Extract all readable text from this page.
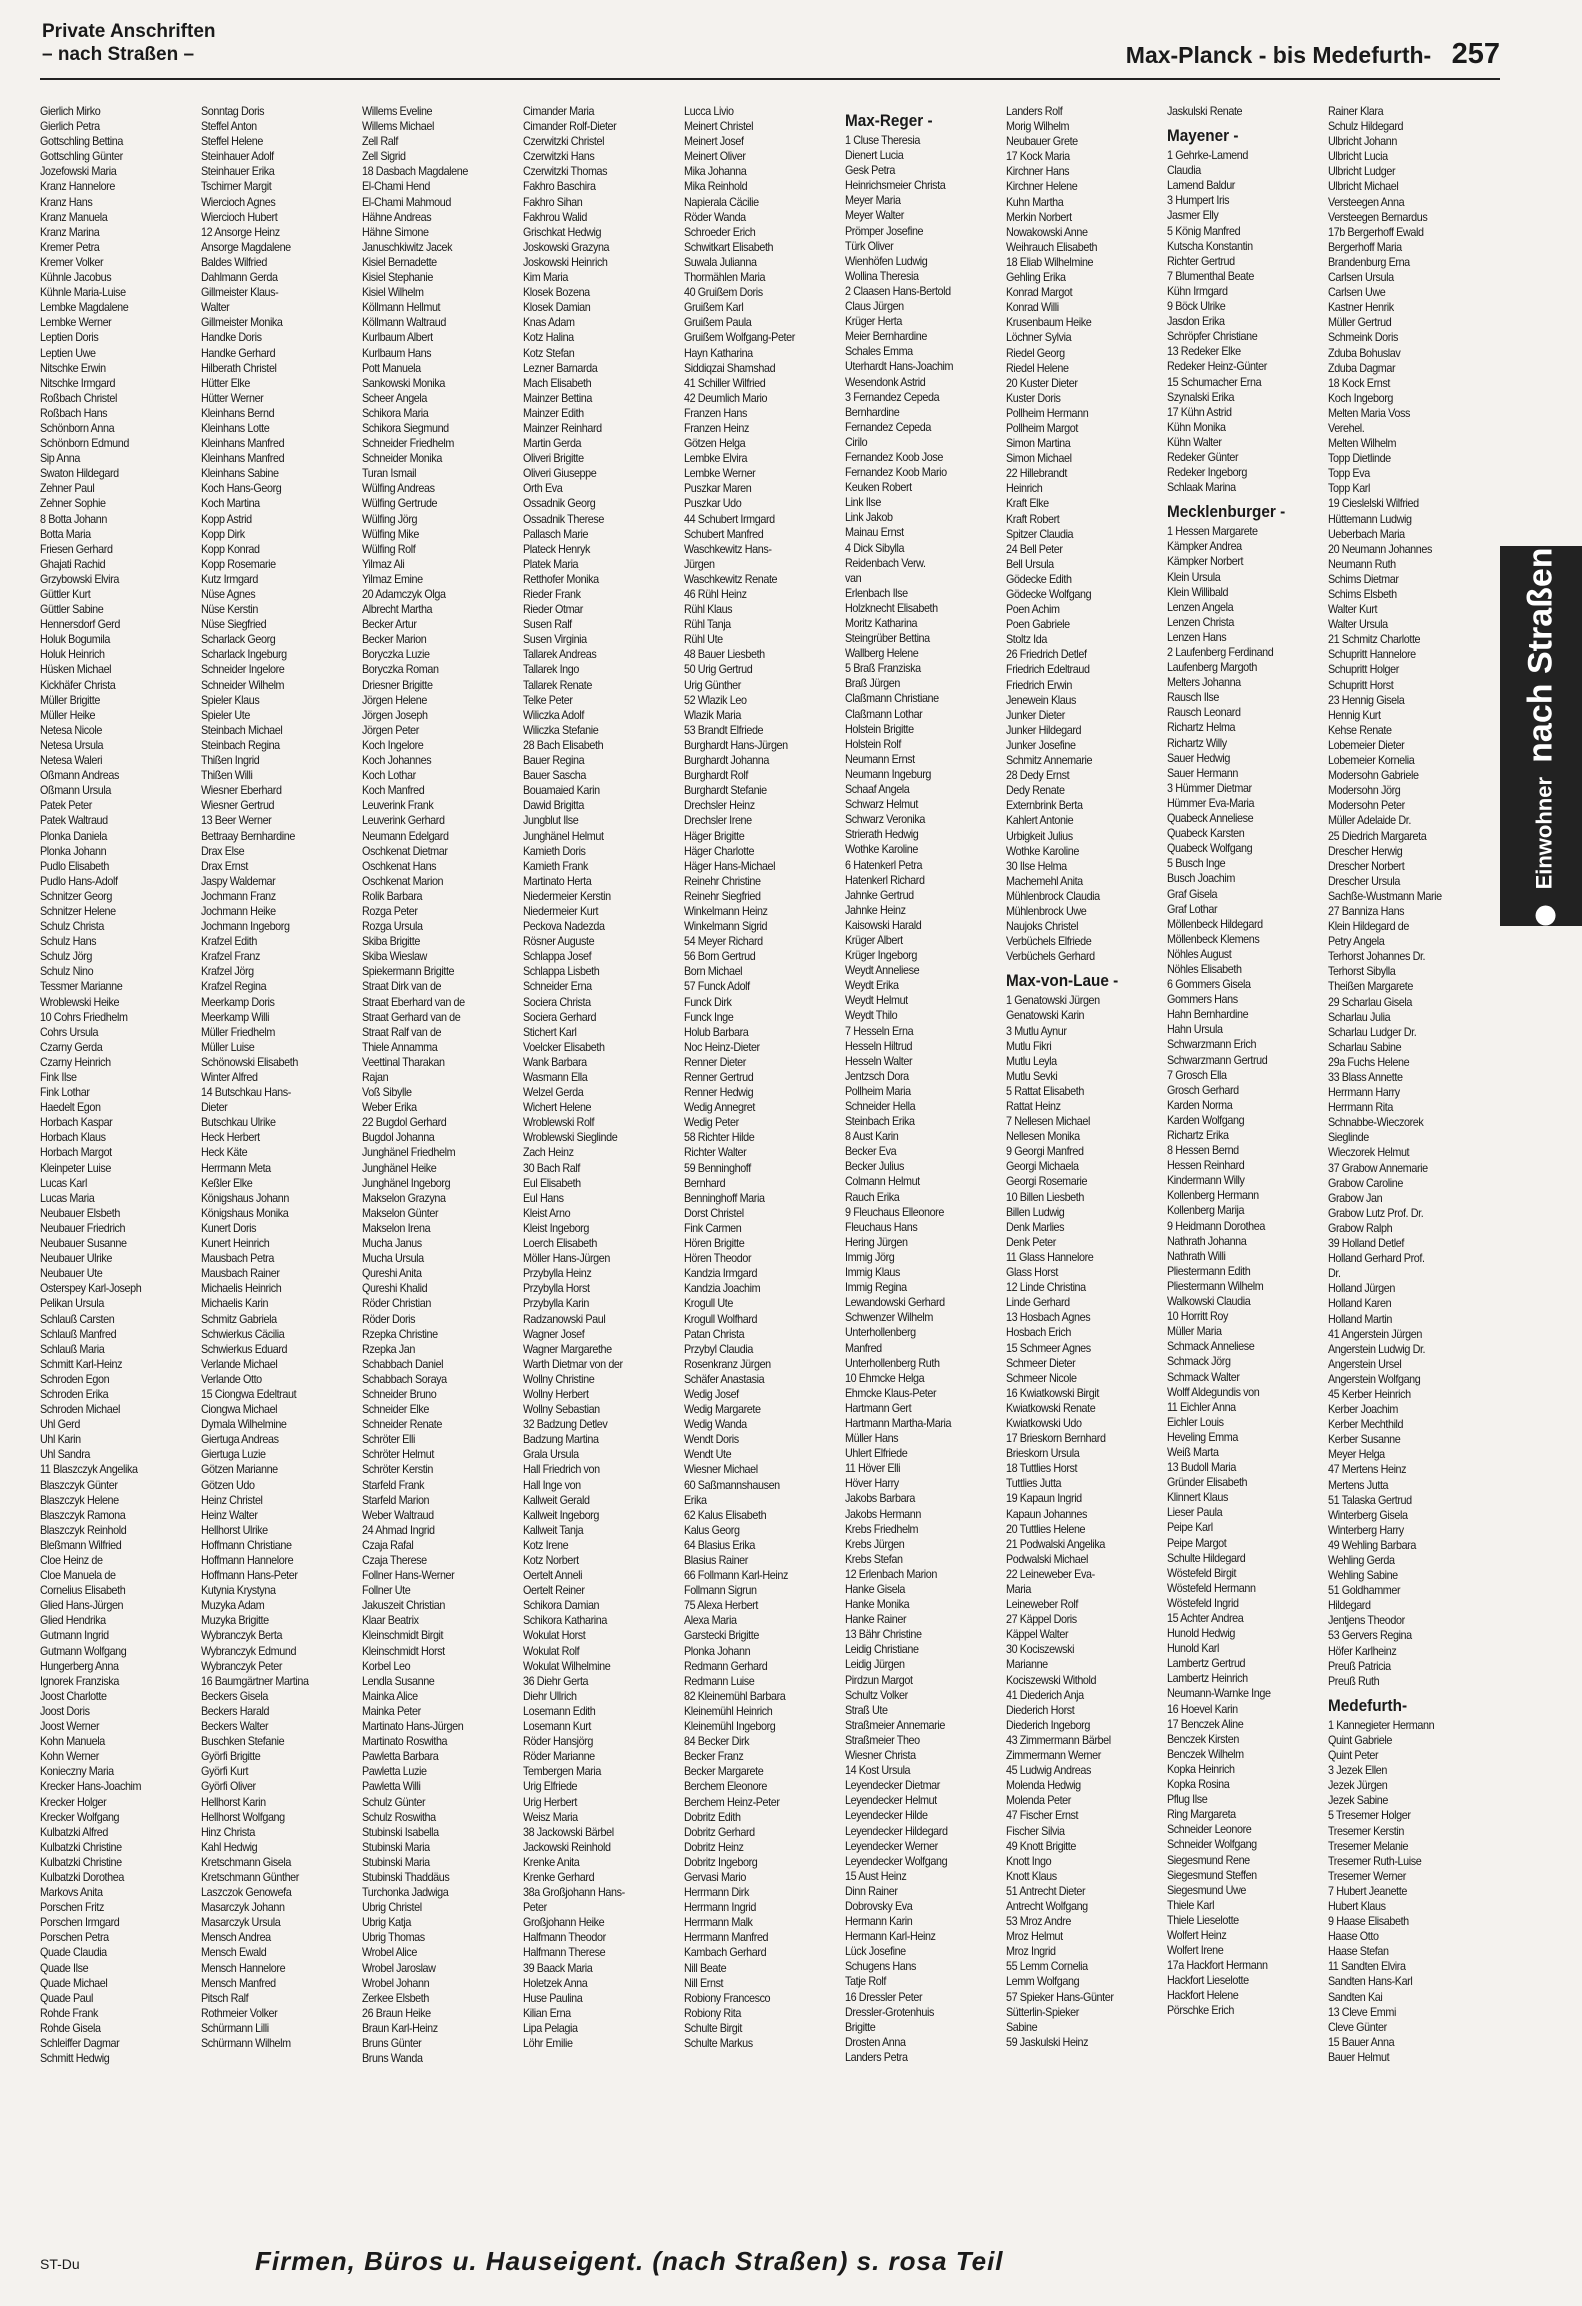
Private Anschriften
– nach Straßen –	Max-Planck - bis Medefurth- 257
Gierlich Mirko
Gierlich Petra
Gottschling Bettina
Gottschling Günter
Jozefowski Maria
Kranz Hannelore
Kranz Hans
Kranz Manuela
Kranz Marina
Kremer Petra
Kremer Volker
Kühnle Jacobus
Kühnle Maria-Luise
Lembke Magdalene
Lembke Werner
Leptien Doris
Leptien Uwe
Nitschke Erwin
Nitschke Irmgard
Roßbach Christel
Roßbach Hans
Schönborn Anna
Schönborn Edmund
Sip Anna
Swaton Hildegard
Zehner Paul
Zehner Sophie
8 Botta Johann
Botta Maria
Friesen Gerhard
Ghajati Rachid
Grzybowski Elvira
Güttler Kurt
Güttler Sabine
Hennersdorf Gerd
Holuk Bogumila
Holuk Heinrich
Hüsken Michael
Kickhäfer Christa
Müller Brigitte
Müller Heike
Netesa Nicole
Netesa Ursula
Netesa Waleri
Oßmann Andreas
Oßmann Ursula
Patek Peter
Patek Waltraud
Plonka Daniela
Plonka Johann
Pudlo Elisabeth
Pudlo Hans-Adolf
Schnitzer Georg
Schnitzer Helene
Schulz Christa
Schulz Hans
Schulz Jörg
Schulz Nino
Tessmer Marianne
Wroblewski Heike
10 Cohrs Friedhelm
Cohrs Ursula
Czarny Gerda
Czarny Heinrich
Fink Ilse
Fink Lothar
Haedelt Egon
Horbach Kaspar
Horbach Klaus
Horbach Margot
Kleinpeter Luise
Lucas Karl
Lucas Maria
Neubauer Elsbeth
Neubauer Friedrich
Neubauer Susanne
Neubauer Ulrike
Neubauer Ute
Osterspey Karl-Joseph
Pelikan Ursula
Schlauß Carsten
Schlauß Manfred
Schlauß Maria
Schmitt Karl-Heinz
Schroden Egon
Schroden Erika
Schroden Michael
Uhl Gerd
Uhl Karin
Uhl Sandra
11 Blaszczyk Angelika
Blaszczyk Günter
Blaszczyk Helene
Blaszczyk Ramona
Blaszczyk Reinhold
Bleßmann Wilfried
Cloe Heinz de
Cloe Manuela de
Cornelius Elisabeth
Glied Hans-Jürgen
Glied Hendrika
Gutmann Ingrid
Gutmann Wolfgang
Hungerberg Anna
Ignorek Franziska
Joost Charlotte
Joost Doris
Joost Werner
Kohn Manuela
Kohn Werner
Konieczny Maria
Krecker Hans-Joachim
Krecker Holger
Krecker Wolfgang
Kulbatzki Alfred
Kulbatzki Christine
Kulbatzki Christine
Kulbatzki Dorothea
Markovs Anita
Porschen Fritz
Porschen Irmgard
Porschen Petra
Quade Claudia
Quade Ilse
Quade Michael
Quade Paul
Rohde Frank
Rohde Gisela
Schleiffer Dagmar
Schmitt Hedwig
Sonntag Doris
Steffel Anton
Steffel Helene
Steinhauer Adolf
Steinhauer Erika
Tschirner Margit
Wiercioch Agnes
Wiercioch Hubert
12 Ansorge Heinz
Ansorge Magdalene
Baldes Wilfried
Dahlmann Gerda
Gillmeister Klaus-
Walter
Gillmeister Monika
Handke Doris
Handke Gerhard
Hilberath Christel
Hütter Elke
Hütter Werner
Kleinhans Bernd
Kleinhans Lotte
Kleinhans Manfred
Kleinhans Manfred
Kleinhans Sabine
Koch Hans-Georg
Koch Martina
Kopp Astrid
Kopp Dirk
Kopp Konrad
Kopp Rosemarie
Kutz Irmgard
Nüse Agnes
Nüse Kerstin
Nüse Siegfried
Scharlack Georg
Scharlack Ingeburg
Schneider Ingelore
Schneider Wilhelm
Spieler Klaus
Spieler Ute
Steinbach Michael
Steinbach Regina
Thißen Ingrid
Thißen Willi
Wiesner Eberhard
Wiesner Gertrud
13 Beer Werner
Bettraay Bernhardine
Drax Else
Drax Ernst
Jaspy Waldemar
Jochmann Franz
Jochmann Heike
Jochmann Ingeborg
Krafzel Edith
Krafzel Franz
Krafzel Jörg
Krafzel Regina
Meerkamp Doris
Meerkamp Willi
Müller Friedhelm
Müller Luise
Schönowski Elisabeth
Winter Alfred
14 Butschkau Hans-
Dieter
Butschkau Ulrike
Heck Herbert
Heck Käte
Herrmann Meta
Keßler Elke
Königshaus Johann
Königshaus Monika
Kunert Doris
Kunert Heinrich
Mausbach Petra
Mausbach Rainer
Michaelis Heinrich
Michaelis Karin
Schmitz Gabriela
Schwierkus Cäcilia
Schwierkus Eduard
Verlande Michael
Verlande Otto
15 Ciongwa Edeltraut
Ciongwa Michael
Dymala Wilhelmine
Giertuga Andreas
Giertuga Luzie
Götzen Marianne
Götzen Udo
Heinz Christel
Heinz Walter
Hellhorst Ulrike
Hoffmann Christiane
Hoffmann Hannelore
Hoffmann Hans-Peter
Kutynia Krystyna
Muzyka Adam
Muzyka Brigitte
Wybranczyk Berta
Wybranczyk Edmund
Wybranczyk Peter
16 Baumgärtner Martina
Beckers Gisela
Beckers Harald
Beckers Walter
Buschken Stefanie
Györfi Brigitte
Györfi Kurt
Györfi Oliver
Hellhorst Karin
Hellhorst Wolfgang
Hinz Christa
Kahl Hedwig
Kretschmann Gisela
Kretschmann Günther
Laszczok Genowefa
Masarczyk Johann
Masarczyk Ursula
Mensch Andrea
Mensch Ewald
Mensch Hannelore
Mensch Manfred
Pitsch Ralf
Rothmeier Volker
Schürmann Lilli
Schürmann Wilhelm
Willems Eveline
Willems Michael
Zell Ralf
Zell Sigrid
18 Dasbach Magdalene
El-Chami Hend
El-Chami Mahmoud
Hähne Andreas
Hähne Simone
Januschkiwitz Jacek
Kisiel Bernadette
Kisiel Stephanie
Kisiel Wilhelm
Köllmann Hellmut
Köllmann Waltraud
Kurlbaum Albert
Kurlbaum Hans
Pott Manuela
Sankowski Monika
Scheer Angela
Schikora Maria
Schikora Siegmund
Schneider Friedhelm
Schneider Monika
Turan Ismail
Wülfing Andreas
Wülfing Gertrude
Wülfing Jörg
Wülfing Mike
Wülfing Rolf
Yilmaz Ali
Yilmaz Emine
20 Adamczyk Olga
Albrecht Martha
Becker Artur
Becker Marion
Boryczka Luzie
Boryczka Roman
Driesner Brigitte
Jörgen Helene
Jörgen Joseph
Jörgen Peter
Koch Ingelore
Koch Johannes
Koch Lothar
Koch Manfred
Leuverink Frank
Leuverink Gerhard
Neumann Edelgard
Oschkenat Dietmar
Oschkenat Hans
Oschkenat Marion
Rolik Barbara
Rozga Peter
Rozga Ursula
Skiba Brigitte
Skiba Wieslaw
Spiekermann Brigitte
Straat Dirk van de
Straat Eberhard van de
Straat Gerhard van de
Straat Ralf van de
Thiele Annamma
Veettinal Tharakan
Rajan
Voß Sibylle
Weber Erika
22 Bugdol Gerhard
Bugdol Johanna
Junghänel Friedhelm
Junghänel Heike
Junghänel Ingeborg
Makselon Grazyna
Makselon Günter
Makselon Irena
Mucha Janus
Mucha Ursula
Qureshi Anita
Qureshi Khalid
Röder Christian
Röder Doris
Rzepka Christine
Rzepka Jan
Schabbach Daniel
Schabbach Soraya
Schneider Bruno
Schneider Elke
Schneider Renate
Schröter Elli
Schröter Helmut
Schröter Kerstin
Starfeld Frank
Starfeld Marion
Weber Waltraud
24 Ahmad Ingrid
Czaja Rafal
Czaja Therese
Follner Hans-Werner
Follner Ute
Jakuszeit Christian
Klaar Beatrix
Kleinschmidt Birgit
Kleinschmidt Horst
Korbel Leo
Lendla Susanne
Mainka Alice
Mainka Peter
Martinato Hans-Jürgen
Martinato Roswitha
Pawletta Barbara
Pawletta Luzie
Pawletta Willi
Schulz Günter
Schulz Roswitha
Stubinski Isabella
Stubinski Maria
Stubinski Maria
Stubinski Thaddäus
Turchonka Jadwiga
Ubrig Christel
Ubrig Katja
Ubrig Thomas
Wrobel Alice
Wrobel Jaroslaw
Wrobel Johann
Zerkee Elsbeth
26 Braun Heike
Braun Karl-Heinz
Bruns Günter
Bruns Wanda
Cimander Maria
Cimander Rolf-Dieter
Czerwitzki Christel
Czerwitzki Hans
Czerwitzki Thomas
Fakhro Baschira
Fakhro Sihan
Fakhrou Walid
Grischkat Hedwig
Joskowski Grazyna
Joskowski Heinrich
Kim Maria
Klosek Bozena
Klosek Damian
Knas Adam
Kotz Halina
Kotz Stefan
Lezner Barnarda
Mach Elisabeth
Mainzer Bettina
Mainzer Edith
Mainzer Reinhard
Martin Gerda
Oliveri Brigitte
Oliveri Giuseppe
Orth Eva
Ossadnik Georg
Ossadnik Therese
Pallasch Marie
Plateck Henryk
Platek Maria
Retthofer Monika
Rieder Frank
Rieder Otmar
Susen Ralf
Susen Virginia
Tallarek Andreas
Tallarek Ingo
Tallarek Renate
Telke Peter
Wiliczka Adolf
Wiliczka Stefanie
28 Bach Elisabeth
Bauer Regina
Bauer Sascha
Bouamaied Karin
Dawid Brigitta
Jungblut Ilse
Junghänel Helmut
Kamieth Doris
Kamieth Frank
Martinato Herta
Niedermeier Kerstin
Niedermeier Kurt
Peckova Nadezda
Rösner Auguste
Schlappa Josef
Schlappa Lisbeth
Schneider Erna
Sociera Christa
Sociera Gerhard
Stichert Karl
Voelcker Elisabeth
Wank Barbara
Wasmann Ella
Welzel Gerda
Wichert Helene
Wroblewski Rolf
Wroblewski Sieglinde
Zach Heinz
30 Bach Ralf
Eul Elisabeth
Eul Hans
Kleist Arno
Kleist Ingeborg
Loerch Elisabeth
Möller Hans-Jürgen
Przybylla Heinz
Przybylla Horst
Przybylla Karin
Radzanowski Paul
Wagner Josef
Wagner Margarethe
Warth Dietmar von der
Wollny Christine
Wollny Herbert
Wollny Sebastian
32 Badzung Detlev
Badzung Martina
Grala Ursula
Hall Friedrich von
Hall Inge von
Kallweit Gerald
Kallweit Ingeborg
Kallweit Tanja
Kotz Irene
Kotz Norbert
Oertelt Anneli
Oertelt Reiner
Schikora Damian
Schikora Katharina
Wokulat Horst
Wokulat Rolf
Wokulat Wilhelmine
36 Diehr Gerta
Diehr Ullrich
Losemann Edith
Losemann Kurt
Röder Hansjörg
Röder Marianne
Tembergen Maria
Urig Elfriede
Urig Herbert
Weisz Maria
38 Jackowski Bärbel
Jackowski Reinhold
Krenke Anita
Krenke Gerhard
38a Großjohann Hans-
Peter
Großjohann Heike
Halfmann Theodor
Halfmann Therese
39 Baack Maria
Holetzek Anna
Huse Paulina
Kilian Erna
Lipa Pelagia
Löhr Emilie
Lucca Livio
Meinert Christel
Meinert Josef
Meinert Oliver
Mika Johanna
Mika Reinhold
Napierala Cäcilie
Röder Wanda
Schroeder Erich
Schwitkart Elisabeth
Suwala Julianna
Thormählen Maria
40 Gruißem Doris
Gruißem Karl
Gruißem Paula
Gruißem Wolfgang-Peter
Hayn Katharina
Siddiqzai Shamshad
41 Schiller Wilfried
42 Deumlich Mario
Franzen Hans
Franzen Heinz
Götzen Helga
Lembke Elvira
Lembke Werner
Puszkar Maren
Puszkar Udo
44 Schubert Irmgard
Schubert Manfred
Waschkewitz Hans-
Jürgen
Waschkewitz Renate
46 Rühl Heinz
Rühl Klaus
Rühl Tanja
Rühl Ute
48 Bauer Liesbeth
50 Urig Gertrud
Urig Günther
52 Wlazik Leo
Wlazik Maria
53 Brandt Elfriede
Burghardt Hans-Jürgen
Burghardt Johanna
Burghardt Rolf
Burghardt Stefanie
Drechsler Heinz
Drechsler Irene
Häger Brigitte
Häger Charlotte
Häger Hans-Michael
Reinehr Christine
Reinehr Siegfried
Winkelmann Heinz
Winkelmann Sigrid
54 Meyer Richard
56 Born Gertrud
Born Michael
57 Funck Adolf
Funck Dirk
Funck Inge
Holub Barbara
Noc Heinz-Dieter
Renner Dieter
Renner Gertrud
Renner Hedwig
Wedig Annegret
Wedig Peter
58 Richter Hilde
Richter Walter
59 Benninghoff
Bernhard
Benninghoff Maria
Dorst Christel
Fink Carmen
Hören Brigitte
Hören Theodor
Kandzia Irmgard
Kandzia Joachim
Krogull Ute
Krogull Wolfhard
Patan Christa
Przybyl Claudia
Rosenkranz Jürgen
Schäfer Anastasia
Wedig Josef
Wedig Margarete
Wedig Wanda
Wendt Doris
Wendt Ute
Wiesner Michael
60 Saßmannshausen
Erika
62 Kalus Elisabeth
Kalus Georg
64 Blasius Erika
Blasius Rainer
66 Follmann Karl-Heinz
Follmann Sigrun
75 Alexa Herbert
Alexa Maria
Garstecki Brigitte
Plonka Johann
Redmann Gerhard
Redmann Luise
82 Kleinemühl Barbara
Kleinemühl Heinrich
Kleinemühl Ingeborg
84 Becker Dirk
Becker Franz
Becker Margarete
Berchem Eleonore
Berchem Heinz-Peter
Dobritz Edith
Dobritz Gerhard
Dobritz Heinz
Dobritz Ingeborg
Gervasi Mario
Herrmann Dirk
Herrmann Ingrid
Herrmann Malk
Herrmann Manfred
Kambach Gerhard
Nill Beate
Nill Ernst
Robiony Francesco
Robiony Rita
Schulte Birgit
Schulte Markus
Max-Reger -
1 Cluse Theresia
Dienert Lucia
Gesk Petra
Heinrichsmeier Christa
Meyer Maria
Meyer Walter
Prömper Josefine
Türk Oliver
Wienhöfen Ludwig
Wollina Theresia
2 Claasen Hans-Bertold
Claus Jürgen
Krüger Herta
Meier Bernhardine
Schales Emma
Uterhardt Hans-Joachim
Wesendonk Astrid
3 Fernandez Cepeda
Bernhardine
Fernandez Cepeda
Cirilo
Fernandez Koob Jose
Fernandez Koob Mario
Keuken Robert
Link Ilse
Link Jakob
Mainau Ernst
4 Dick Sibylla
Reidenbach Verw.
van
Erlenbach Ilse
Holzknecht Elisabeth
Moritz Katharina
Steingrüber Bettina
Wallberg Helene
5 Braß Franziska
Braß Jürgen
Claßmann Christiane
Claßmann Lothar
Holstein Brigitte
Holstein Rolf
Neumann Ernst
Neumann Ingeburg
Schaaf Angela
Schwarz Helmut
Schwarz Veronika
Strierath Hedwig
Wothke Karoline
6 Hatenkerl Petra
Hatenkerl Richard
Jahnke Gertrud
Jahnke Heinz
Kaisowski Harald
Krüger Albert
Krüger Ingeborg
Weydt Anneliese
Weydt Erika
Weydt Helmut
Weydt Thilo
7 Hesseln Erna
Hesseln Hiltrud
Hesseln Walter
Jentzsch Dora
Pollheim Maria
Schneider Hella
Steinbach Erika
8 Aust Karin
Becker Eva
Becker Julius
Colmann Helmut
Rauch Erika
9 Fleuchaus Elleonore
Fleuchaus Hans
Hering Jürgen
Immig Jörg
Immig Klaus
Immig Regina
Lewandowski Gerhard
Schwenzer Wilhelm
Unterhollenberg
Manfred
Unterhollenberg Ruth
10 Ehmcke Helga
Ehmcke Klaus-Peter
Hartmann Gert
Hartmann Martha-Maria
Müller Hans
Uhlert Elfriede
11 Höver Elli
Höver Harry
Jakobs Barbara
Jakobs Hermann
Krebs Friedhelm
Krebs Jürgen
Krebs Stefan
12 Erlenbach Marion
Hanke Gisela
Hanke Monika
Hanke Rainer
13 Bähr Christine
Leidig Christiane
Leidig Jürgen
Pirdzun Margot
Schultz Volker
Straß Ute
Straßmeier Annemarie
Straßmeier Theo
Wiesner Christa
14 Kost Ursula
Leyendecker Dietmar
Leyendecker Helmut
Leyendecker Hilde
Leyendecker Hildegard
Leyendecker Werner
Leyendecker Wolfgang
15 Aust Heinz
Dinn Rainer
Dobrovsky Eva
Hermann Karin
Hermann Karl-Heinz
Lück Josefine
Schugens Hans
Tatje Rolf
16 Dressler Peter
Dressler-Grotenhuis
Brigitte
Drosten Anna
Landers Petra
Landers Rolf
Morig Wilhelm
Neubauer Grete
17 Kock Maria
Kirchner Hans
Kirchner Helene
Kuhn Martha
Merkin Norbert
Nowakowski Anne
Weihrauch Elisabeth
18 Eliab Wilhelmine
Gehling Erika
Konrad Margot
Konrad Willi
Krusenbaum Heike
Löchner Sylvia
Riedel Georg
Riedel Helene
20 Kuster Dieter
Kuster Doris
Pollheim Hermann
Pollheim Margot
Simon Martina
Simon Michael
22 Hillebrandt
Heinrich
Kraft Elke
Kraft Robert
Spitzer Claudia
24 Bell Peter
Bell Ursula
Gödecke Edith
Gödecke Wolfgang
Poen Achim
Poen Gabriele
Stoltz Ida
26 Friedrich Detlef
Friedrich Edeltraud
Friedrich Erwin
Jenewein Klaus
Junker Dieter
Junker Hildegard
Junker Josefine
Schmitz Annemarie
28 Dedy Ernst
Dedy Renate
Externbrink Berta
Kahlert Antonie
Urbigkeit Julius
Wothke Karoline
30 Ilse Helma
Machemehl Anita
Mühlenbrock Claudia
Mühlenbrock Uwe
Naujoks Christel
Verbüchels Elfriede
Verbüchels Gerhard
Max-von-Laue -
1 Genatowski Jürgen
Genatowski Karin
3 Mutlu Aynur
Mutlu Fikri
Mutlu Leyla
Mutlu Sevki
5 Rattat Elisabeth
Rattat Heinz
7 Nellesen Michael
Nellesen Monika
9 Georgi Manfred
Georgi Michaela
Georgi Rosemarie
10 Billen Liesbeth
Billen Ludwig
Denk Marlies
Denk Peter
11 Glass Hannelore
Glass Horst
12 Linde Christina
Linde Gerhard
13 Hosbach Agnes
Hosbach Erich
15 Schmeer Agnes
Schmeer Dieter
Schmeer Nicole
16 Kwiatkowski Birgit
Kwiatkowski Renate
Kwiatkowski Udo
17 Brieskorn Bernhard
Brieskorn Ursula
18 Tuttlies Horst
Tuttlies Jutta
19 Kapaun Ingrid
Kapaun Johannes
20 Tuttlies Helene
21 Podwalski Angelika
Podwalski Michael
22 Leineweber Eva-
Maria
Leineweber Rolf
27 Käppel Doris
Käppel Walter
30 Kociszewski
Marianne
Kociszewski Withold
41 Diederich Anja
Diederich Horst
Diederich Ingeborg
43 Zimmermann Bärbel
Zimmermann Werner
45 Ludwig Andreas
Molenda Hedwig
Molenda Peter
47 Fischer Ernst
Fischer Silvia
49 Knott Brigitte
Knott Ingo
Knott Klaus
51 Antrecht Dieter
Antrecht Wolfgang
53 Mroz Andre
Mroz Helmut
Mroz Ingrid
55 Lemm Cornelia
Lemm Wolfgang
57 Spieker Hans-Günter
Sütterlin-Spieker
Sabine
59 Jaskulski Heinz
Jaskulski Renate
Mayener -
1 Gehrke-Lamend
Claudia
Lamend Baldur
3 Humpert Iris
Jasmer Elly
5 König Manfred
Kutscha Konstantin
Richter Gertrud
7 Blumenthal Beate
Kühn Irmgard
9 Böck Ulrike
Jasdon Erika
Schröpfer Christiane
13 Redeker Elke
Redeker Heinz-Günter
15 Schumacher Erna
Szynalski Erika
17 Kühn Astrid
Kühn Monika
Kühn Walter
Redeker Günter
Redeker Ingeborg
Schlaak Marina
Mecklenburger -
1 Hessen Margarete
Kämpker Andrea
Kämpker Norbert
Klein Ursula
Klein Willibald
Lenzen Angela
Lenzen Christa
Lenzen Hans
2 Laufenberg Ferdinand
Laufenberg Margoth
Melters Johanna
Rausch Ilse
Rausch Leonard
Richartz Helma
Richartz Willy
Sauer Hedwig
Sauer Hermann
3 Hümmer Dietmar
Hümmer Eva-Maria
Quabeck Anneliese
Quabeck Karsten
Quabeck Wolfgang
5 Busch Inge
Busch Joachim
Graf Gisela
Graf Lothar
Möllenbeck Hildegard
Möllenbeck Klemens
Nöhles August
Nöhles Elisabeth
6 Gommers Gisela
Gommers Hans
Hahn Bernhardine
Hahn Ursula
Schwarzmann Erich
Schwarzmann Gertrud
7 Grosch Ella
Grosch Gerhard
Karden Norma
Karden Wolfgang
Richartz Erika
8 Hessen Bernd
Hessen Reinhard
Kindermann Willy
Kollenberg Hermann
Kollenberg Marija
9 Heidmann Dorothea
Nathrath Johanna
Nathrath Willi
Pliestermann Edith
Pliestermann Wilhelm
Walkowski Claudia
10 Horritt Roy
Müller Maria
Schmack Anneliese
Schmack Jörg
Schmack Walter
Wolff Aldegundis von
11 Eichler Anna
Eichler Louis
Heveling Emma
Weiß Marta
13 Budoll Maria
Gründer Elisabeth
Klinnert Klaus
Lieser Paula
Peipe Karl
Peipe Margot
Schulte Hildegard
Wöstefeld Birgit
Wöstefeld Hermann
Wöstefeld Ingrid
15 Achter Andrea
Hunold Hedwig
Hunold Karl
Lambertz Gertrud
Lambertz Heinrich
Neumann-Warnke Inge
16 Hoevel Karin
17 Benczek Aline
Benczek Kirsten
Benczek Wilhelm
Kopka Heinrich
Kopka Rosina
Pflug Ilse
Ring Margareta
Schneider Leonore
Schneider Wolfgang
Siegesmund Rene
Siegesmund Steffen
Siegesmund Uwe
Thiele Karl
Thiele Lieselotte
Wolfert Heinz
Wolfert Irene
17a Hackfort Hermann
Hackfort Lieselotte
Hackfort Helene
Pörschke Erich
Rainer Klara
Schulz Hildegard
Ulbricht Johann
Ulbricht Lucia
Ulbricht Ludger
Ulbricht Michael
Versteegen Anna
Versteegen Bernardus
17b Bergerhoff Ewald
Bergerhoff Maria
Brandenburg Erna
Carlsen Ursula
Carlsen Uwe
Kastner Henrik
Müller Gertrud
Schmeink Doris
Zduba Bohuslav
Zduba Dagmar
18 Kock Ernst
Koch Ingeborg
Melten Maria Voss
Verehel.
Melten Wilhelm
Topp Dietlinde
Topp Eva
Topp Karl
19 Cieslelski Wilfried
Hüttemann Ludwig
Ueberbach Maria
20 Neumann Johannes
Neumann Ruth
Schims Dietmar
Schims Elsbeth
Walter Kurt
Walter Ursula
21 Schmitz Charlotte
Schupritt Hannelore
Schupritt Holger
Schupritt Horst
23 Hennig Gisela
Hennig Kurt
Kehse Renate
Lobemeier Dieter
Lobemeier Kornelia
Modersohn Gabriele
Modersohn Jörg
Modersohn Peter
Müller Adelaide Dr.
25 Diedrich Margareta
Drescher Herwig
Drescher Norbert
Drescher Ursula
Sachße-Wustmann Marie
27 Banniza Hans
Klein Hildegard de
Petry Angela
Terhorst Johannes Dr.
Terhorst Sibylla
Theißen Margarete
29 Scharlau Gisela
Scharlau Julia
Scharlau Ludger Dr.
Scharlau Sabine
29a Fuchs Helene
33 Blass Annette
Herrmann Harry
Herrmann Rita
Schnabbe-Wieczorek
Sieglinde
Wieczorek Helmut
37 Grabow Annemarie
Grabow Caroline
Grabow Jan
Grabow Lutz Prof. Dr.
Grabow Ralph
39 Holland Detlef
Holland Gerhard Prof.
Dr.
Holland Jürgen
Holland Karen
Holland Martin
41 Angerstein Jürgen
Angerstein Ludwig Dr.
Angerstein Ursel
Angerstein Wolfgang
45 Kerber Heinrich
Kerber Joachim
Kerber Mechthild
Kerber Susanne
Meyer Helga
47 Mertens Heinz
Mertens Jutta
51 Talaska Gertrud
Winterberg Gisela
Winterberg Harry
49 Wehling Barbara
Wehling Gerda
Wehling Sabine
51 Goldhammer
Hildegard
Jentjens Theodor
53 Gervers Regina
Höfer Karlheinz
Preuß Patricia
Preuß Ruth
Medefurth-
1 Kannegieter Hermann
Quint Gabriele
Quint Peter
3 Jezek Ellen
Jezek Jürgen
Jezek Sabine
5 Tresemer Holger
Tresemer Kerstin
Tresemer Melanie
Tresemer Ruth-Luise
Tresemer Werner
7 Hubert Jeanette
Hubert Klaus
9 Haase Elisabeth
Haase Otto
Haase Stefan
11 Sandten Elvira
Sandten Hans-Karl
Sandten Kai
13 Cleve Emmi
Cleve Günter
15 Bauer Anna
Bauer Helmut
Einwohner nach Straßen
ST-Du	Firmen, Büros u. Hauseigent. (nach Straßen) s. rosa Teil
